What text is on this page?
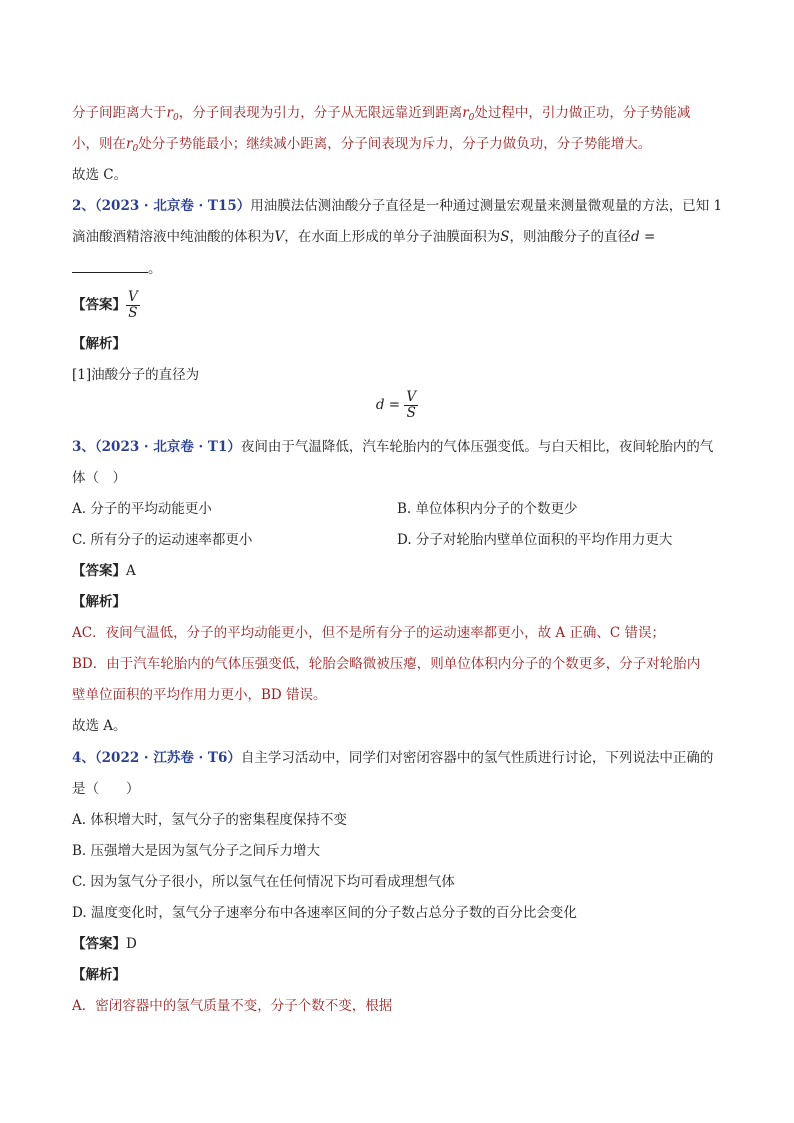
分子间距离大于$r_0$，分子间表现为引力，分子从无限远靠近到距离$r_0$处过程中，引力做正功，分子势能减
小，则在$r_0$处分子势能最小；继续减小距离，分子间表现为斥力，分子力做负功，分子势能增大。
故选 C。
2、（2023 · 北京卷 · T15）用油膜法估测油酸分子直径是一种通过测量宏观量来测量微观量的方法，已知 1
滴油酸酒精溶液中纯油酸的体积为V，在水面上形成的单分子油膜面积为S，则油酸分子的直径d =
。
【答案】 $\frac{V}{S}$
【解析】
[1]油酸分子的直径为
$d = \frac{V}{S}$
3、（2023 · 北京卷 · T1）夜间由于气温降低，汽车轮胎内的气体压强变低。与白天相比，夜间轮胎内的气
体（　）
A. 分子的平均动能更小	B. 单位体积内分子的个数更少
C. 所有分子的运动速率都更小	D. 分子对轮胎内壁单位面积的平均作用力更大
【答案】A
【解析】
AC．夜间气温低，分子的平均动能更小，但不是所有分子的运动速率都更小，故 A 正确、C 错误；
BD．由于汽车轮胎内的气体压强变低，轮胎会略微被压瘪，则单位体积内分子的个数更多，分子对轮胎内
壁单位面积的平均作用力更小，BD 错误。
故选 A。
4、（2022 · 江苏卷 · T6）自主学习活动中，同学们对密闭容器中的氢气性质进行讨论，下列说法中正确的
是（　　）
A. 体积增大时，氢气分子的密集程度保持不变
B. 压强增大是因为氢气分子之间斥力增大
C. 因为氢气分子很小，所以氢气在任何情况下均可看成理想气体
D. 温度变化时，氢气分子速率分布中各速率区间的分子数占总分子数的百分比会变化
【答案】D
【解析】
A．密闭容器中的氢气质量不变，分子个数不变，根据
